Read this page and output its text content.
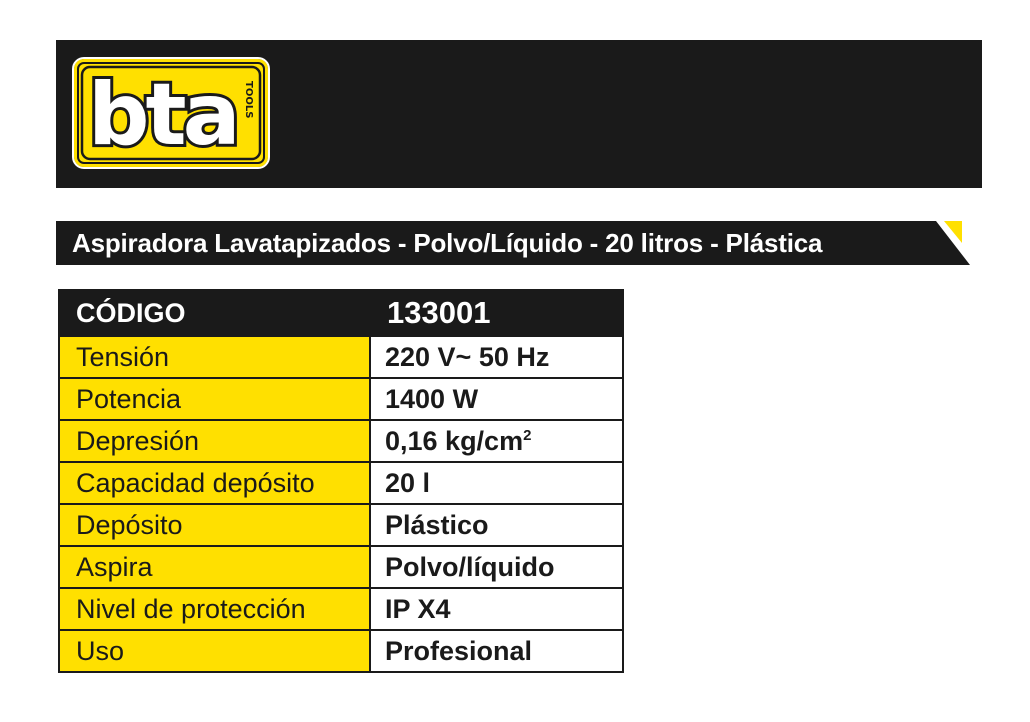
bta TOOLS
Aspiradora Lavatapizados - Polvo/Líquido - 20 litros - Plástica
CÓDIGO	133001
Tensión	220 V~ 50 Hz
Potencia	1400 W
Depresión	0,16 $kg/cm^2$
Capacidad depósito	20 l
Depósito	Plástico
Aspira	Polvo/líquido
Nivel de protección	IP X4
Uso	Profesional
